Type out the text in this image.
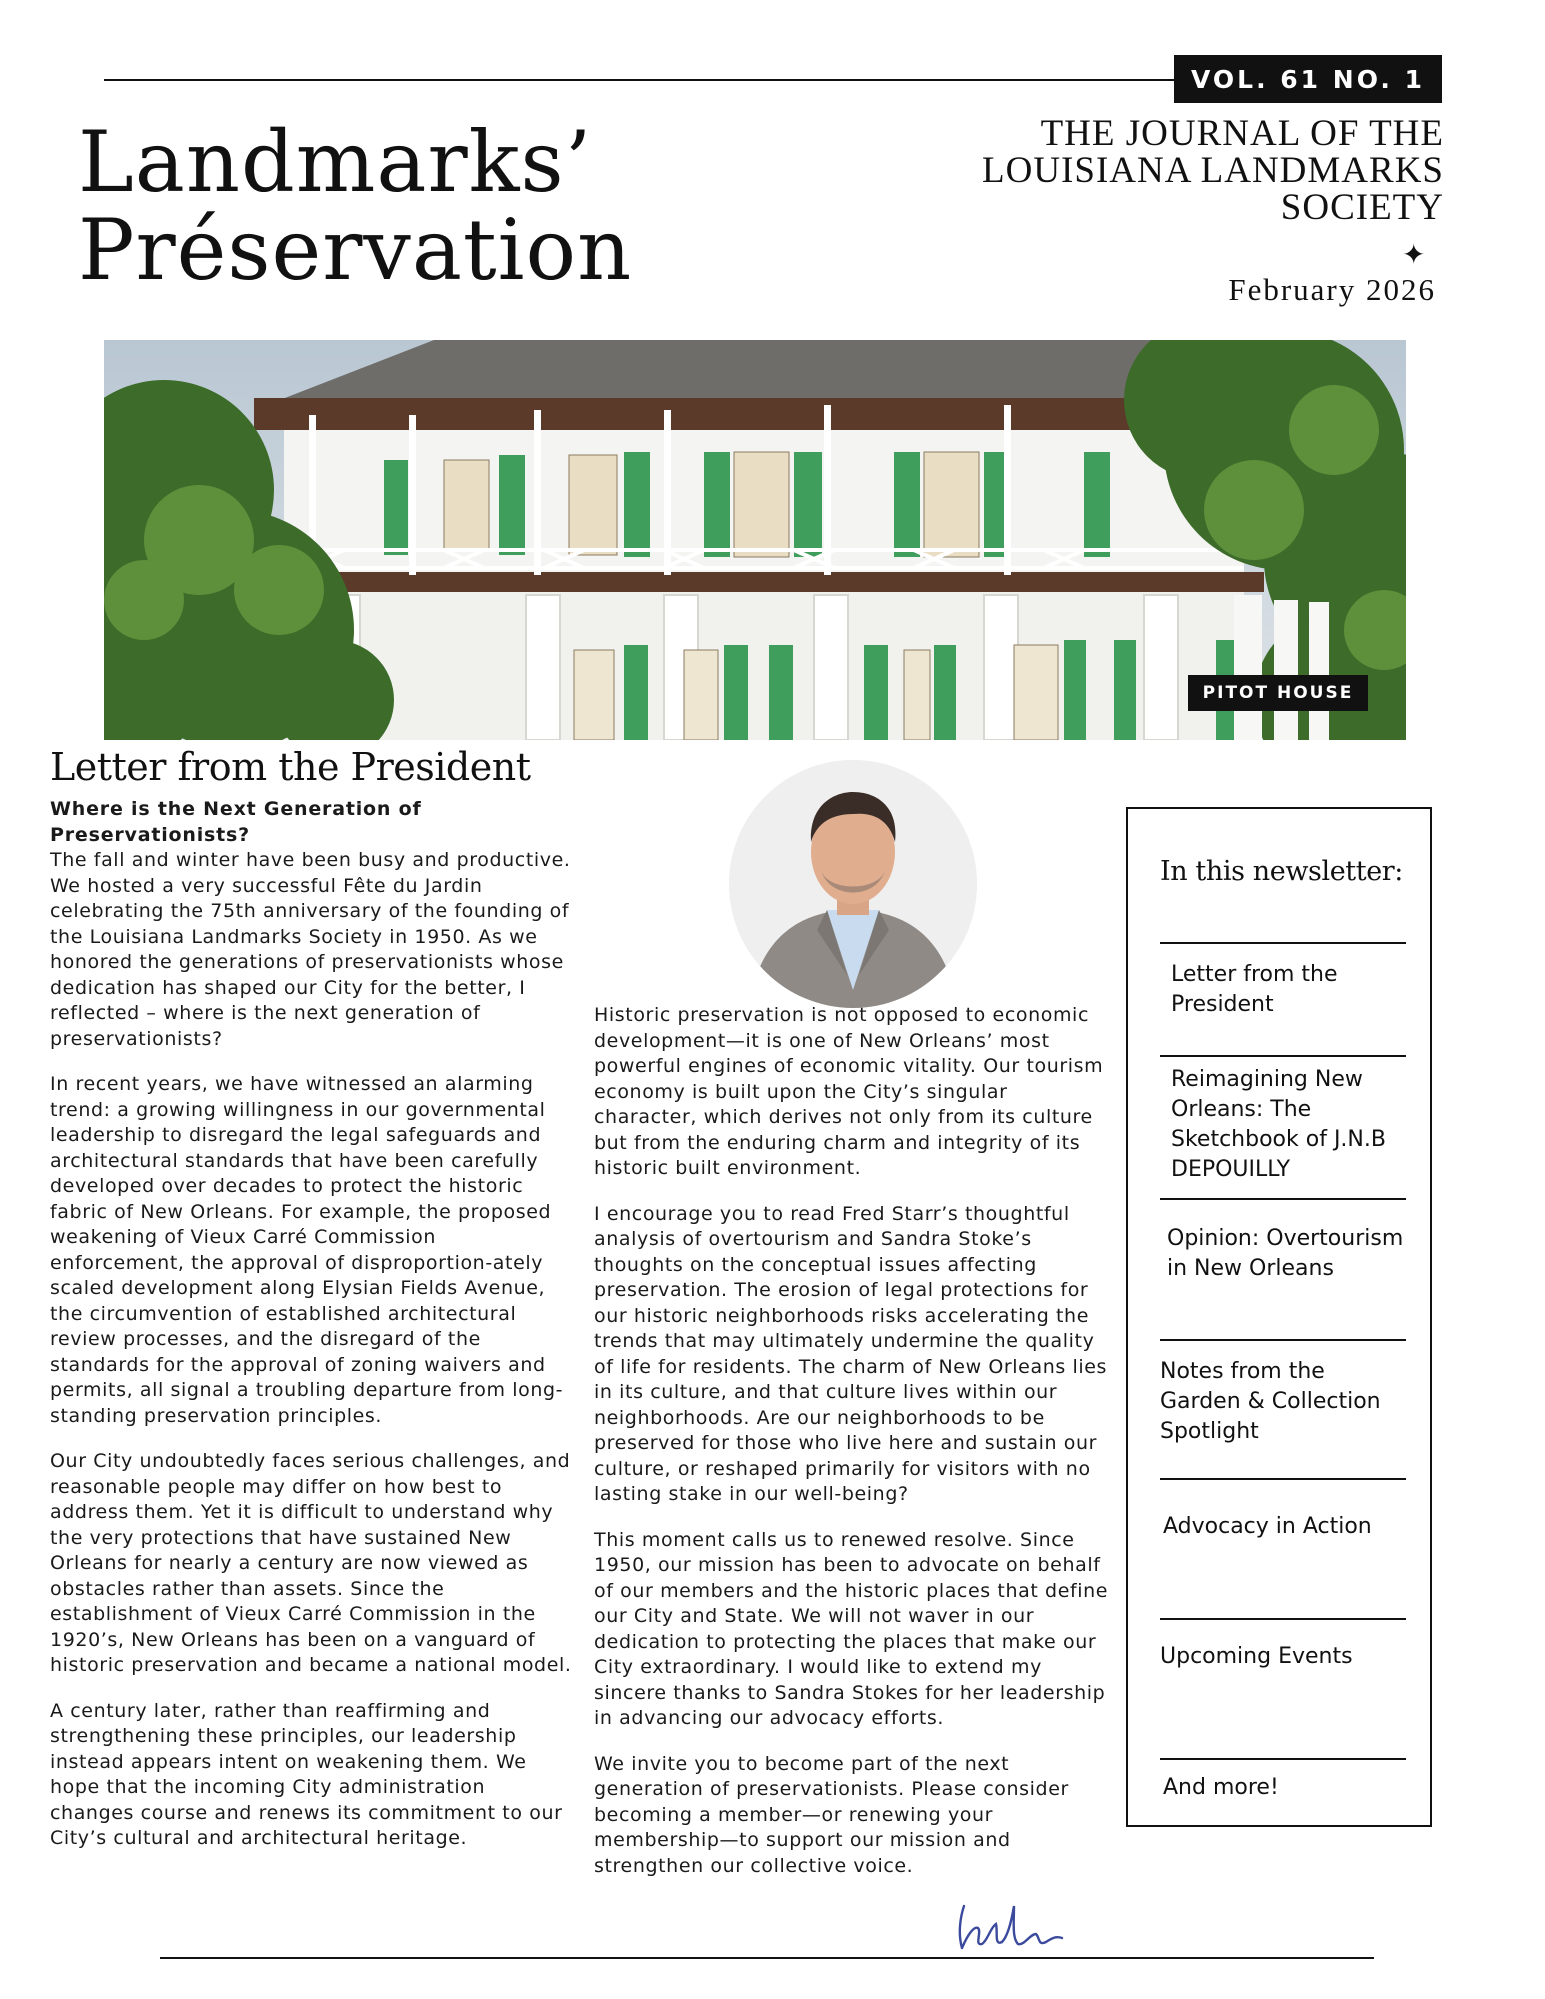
VOL. 61 NO. 1
Landmarks’
Préservation
THE JOURNAL OF THE
LOUISIANA LANDMARKS
SOCIETY
✦
February 2026
PITOT HOUSE
Letter from the President
Where is the Next Generation of
Preservationists?

The fall and winter have been busy and productive. We hosted a very successful Fête du Jardin celebrating the 75th anniversary of the founding of the Louisiana Landmarks Society in 1950. As we honored the generations of preservationists whose dedication has shaped our City for the better, I reflected – where is the next generation of preservationists?

In recent years, we have witnessed an alarming trend: a growing willingness in our governmental leadership to disregard the legal safeguards and architectural standards that have been carefully developed over decades to protect the historic fabric of New Orleans. For example, the proposed weakening of Vieux Carré Commission enforcement, the approval of disproportion-ately scaled development along Elysian Fields Avenue, the circumvention of established architectural review processes, and the disregard of the standards for the approval of zoning waivers and permits, all signal a troubling departure from long-standing preservation principles.

Our City undoubtedly faces serious challenges, and reasonable people may differ on how best to address them. Yet it is difficult to understand why the very protections that have sustained New Orleans for nearly a century are now viewed as obstacles rather than assets. Since the establishment of Vieux Carré Commission in the 1920’s, New Orleans has been on a vanguard of historic preservation and became a national model.

A century later, rather than reaffirming and strengthening these principles, our leadership instead appears intent on weakening them. We hope that the incoming City administration changes course and renews its commitment to our City’s cultural and architectural heritage.

Historic preservation is not opposed to economic development—it is one of New Orleans’ most powerful engines of economic vitality. Our tourism economy is built upon the City’s singular character, which derives not only from its culture but from the enduring charm and integrity of its historic built environment.

I encourage you to read Fred Starr’s thoughtful analysis of overtourism and Sandra Stoke’s thoughts on the conceptual issues affecting preservation. The erosion of legal protections for our historic neighborhoods risks accelerating the trends that may ultimately undermine the quality of life for residents. The charm of New Orleans lies in its culture, and that culture lives within our neighborhoods. Are our neighborhoods to be preserved for those who live here and sustain our culture, or reshaped primarily for visitors with no lasting stake in our well-being?

This moment calls us to renewed resolve. Since 1950, our mission has been to advocate on behalf of our members and the historic places that define our City and State. We will not waver in our dedication to protecting the places that make our City extraordinary. I would like to extend my sincere thanks to Sandra Stokes for her leadership in advancing our advocacy efforts.

We invite you to become part of the next generation of preservationists. Please consider becoming a member—or renewing your membership—to support our mission and strengthen our collective voice.

In this newsletter:
Letter from the President
Reimagining New Orleans: The Sketchbook of J.N.B DEPOUILLY
Opinion: Overtourism in New Orleans
Notes from the Garden & Collection Spotlight
Advocacy in Action
Upcoming Events
And more!
